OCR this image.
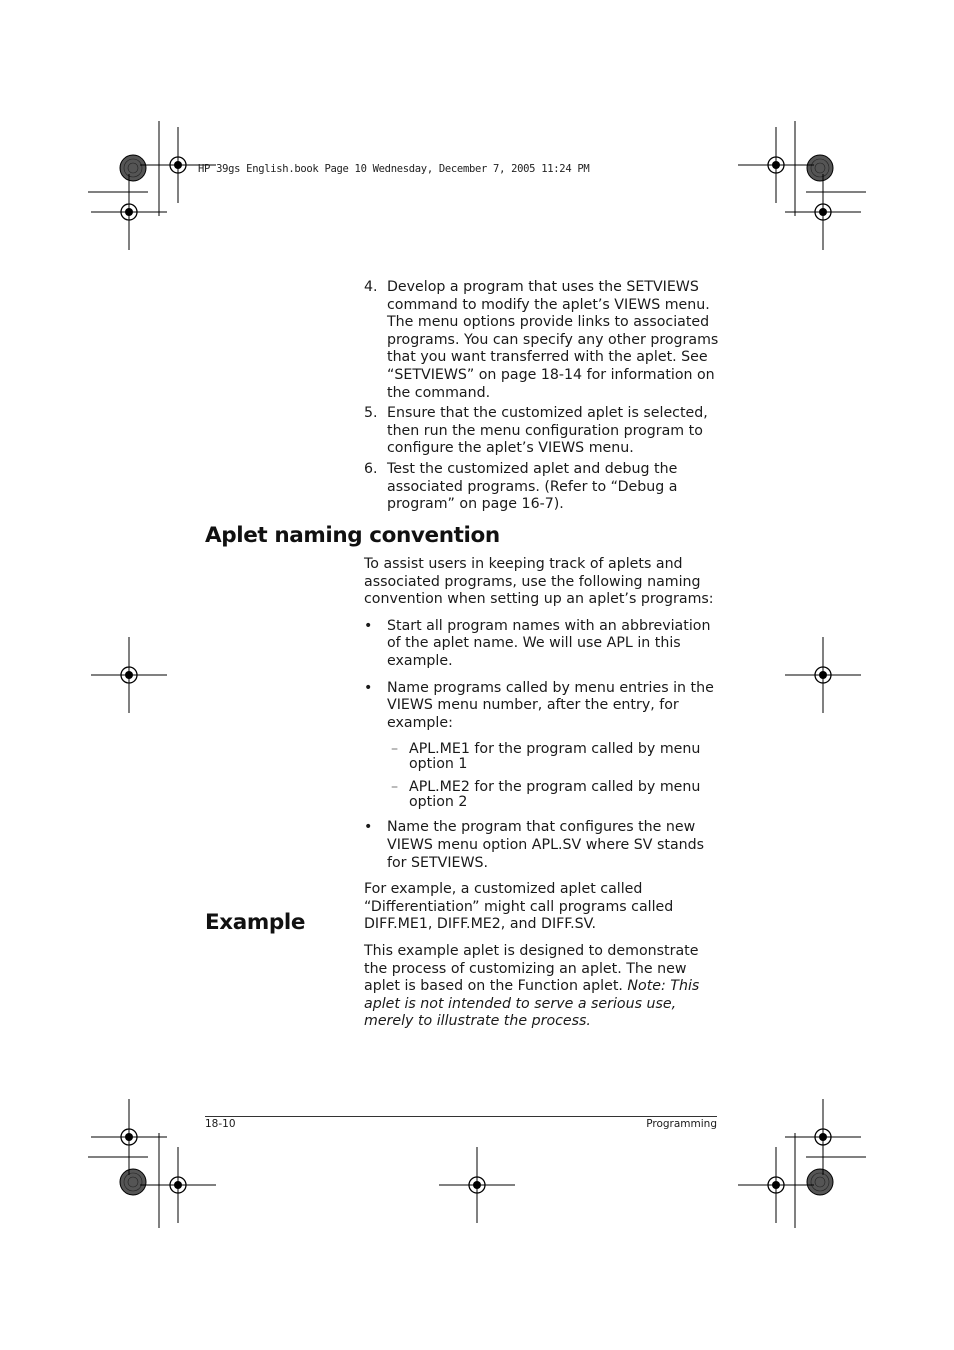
HP 39gs English.book Page 10 Wednesday, December 7, 2005 11:24 PM
4. Develop a program that uses the SETVIEWS command to modify the aplet’s VIEWS menu. The menu options provide links to associated programs. You can specify any other programs that you want transferred with the aplet. See “SETVIEWS” on page 18-14 for information on the command.
5. Ensure that the customized aplet is selected, then run the menu configuration program to configure the aplet’s VIEWS menu.
6. Test the customized aplet and debug the associated programs. (Refer to “Debug a program” on page 16-7).
Aplet naming convention

To assist users in keeping track of aplets and associated programs, use the following naming convention when setting up an aplet’s programs:

• Start all program names with an abbreviation of the aplet name. We will use APL in this example.
• Name programs called by menu entries in the VIEWS menu number, after the entry, for example:
– APL.ME1 for the program called by menu option 1
– APL.ME2 for the program called by menu option 2
• Name the program that configures the new VIEWS menu option APL.SV where SV stands for SETVIEWS.

For example, a customized aplet called “Differentiation” might call programs called DIFF.ME1, DIFF.ME2, and DIFF.SV.

Example

This example aplet is designed to demonstrate the process of customizing an aplet. The new aplet is based on the Function aplet. Note: This aplet is not intended to serve a serious use, merely to illustrate the process.

18-10	Programming
